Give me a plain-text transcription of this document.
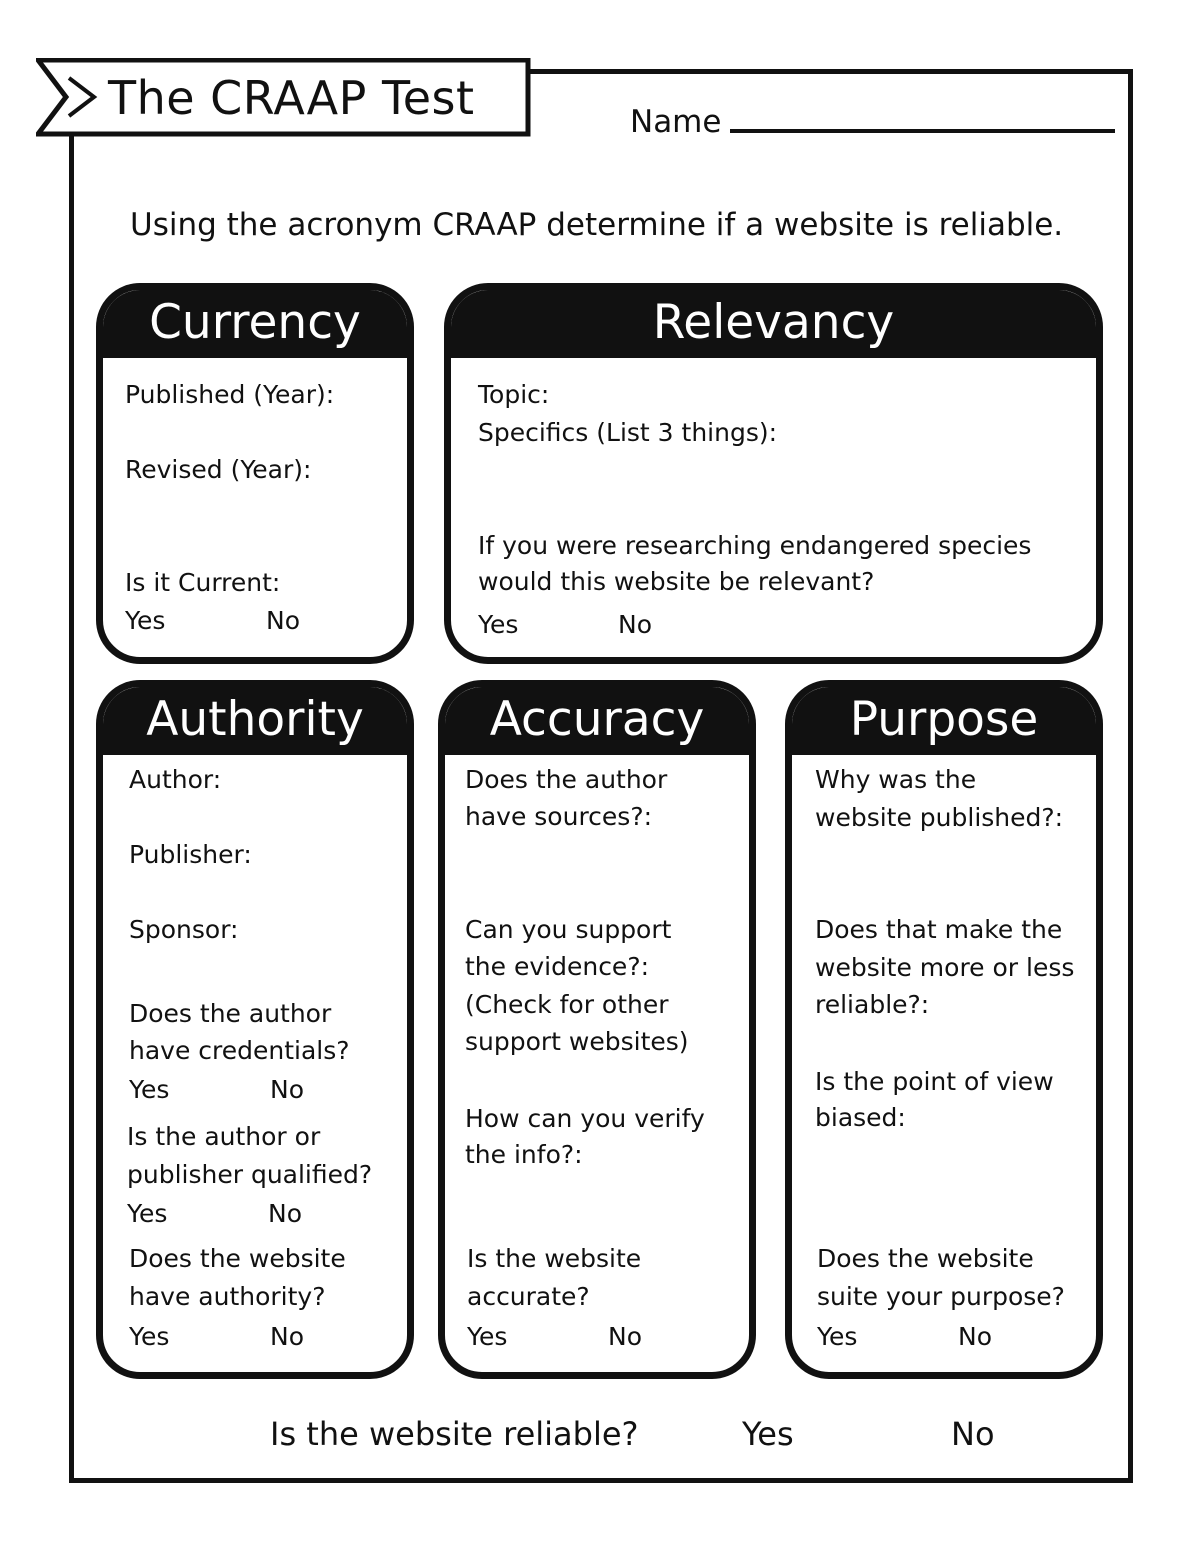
The CRAAP Test	Name
Using the acronym CRAAP determine if a website is reliable.
Currency
Published (Year):
Revised (Year):
Is it Current:
Yes	No
Relevancy
Topic:
Specifics (List 3 things):
If you were researching endangered species
would this website be relevant?
Yes	No
Authority
Author:
Publisher:
Sponsor:
Does the author
have credentials?
Yes	No
Is the author or
publisher qualified?
Yes	No
Does the website
have authority?
Yes	No
Accuracy
Does the author
have sources?:
Can you support
the evidence?:
(Check for other
support websites)
How can you verify
the info?:
Is the website
accurate?
Yes	No
Purpose
Why was the
website published?:
Does that make the
website more or less
reliable?:
Is the point of view
biased:
Does the website
suite your purpose?
Yes	No
Is the website reliable?	Yes	No
